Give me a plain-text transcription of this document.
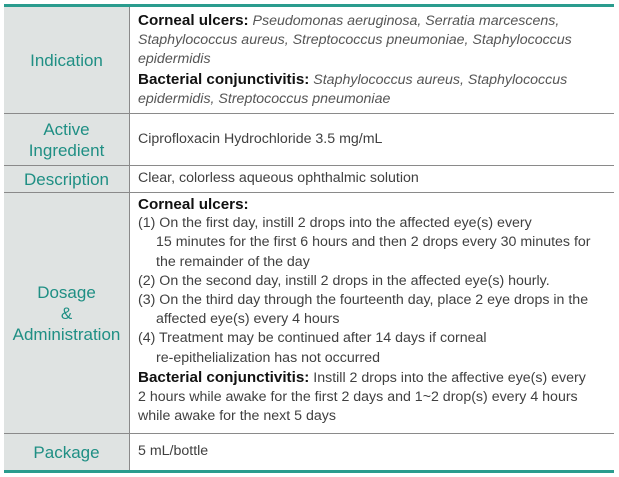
Indication
Corneal ulcers: Pseudomonas aeruginosa, Serratia marcescens,
Staphylococcus aureus, Streptococcus pneumoniae, Staphylococcus
epidermidis
Bacterial conjunctivitis: Staphylococcus aureus, Staphylococcus
epidermidis, Streptococcus pneumoniae
Active
Ingredient
Ciprofloxacin Hydrochloride 3.5 mg/mL
Description Clear, colorless aqueous ophthalmic solution
Dosage
&
Administration
Corneal ulcers:
(1) On the first day, instill 2 drops into the affected eye(s) every
15 minutes for the first 6 hours and then 2 drops every 30 minutes for
the remainder of the day
(2) On the second day, instill 2 drops in the affected eye(s) hourly.
(3) On the third day through the fourteenth day, place 2 eye drops in the
affected eye(s) every 4 hours
(4) Treatment may be continued after 14 days if corneal
re-epithelialization has not occurred
Bacterial conjunctivitis: Instill 2 drops into the affective eye(s) every
2 hours while awake for the first 2 days and 1~2 drop(s) every 4 hours
while awake for the next 5 days
Package	5 mL/bottle
